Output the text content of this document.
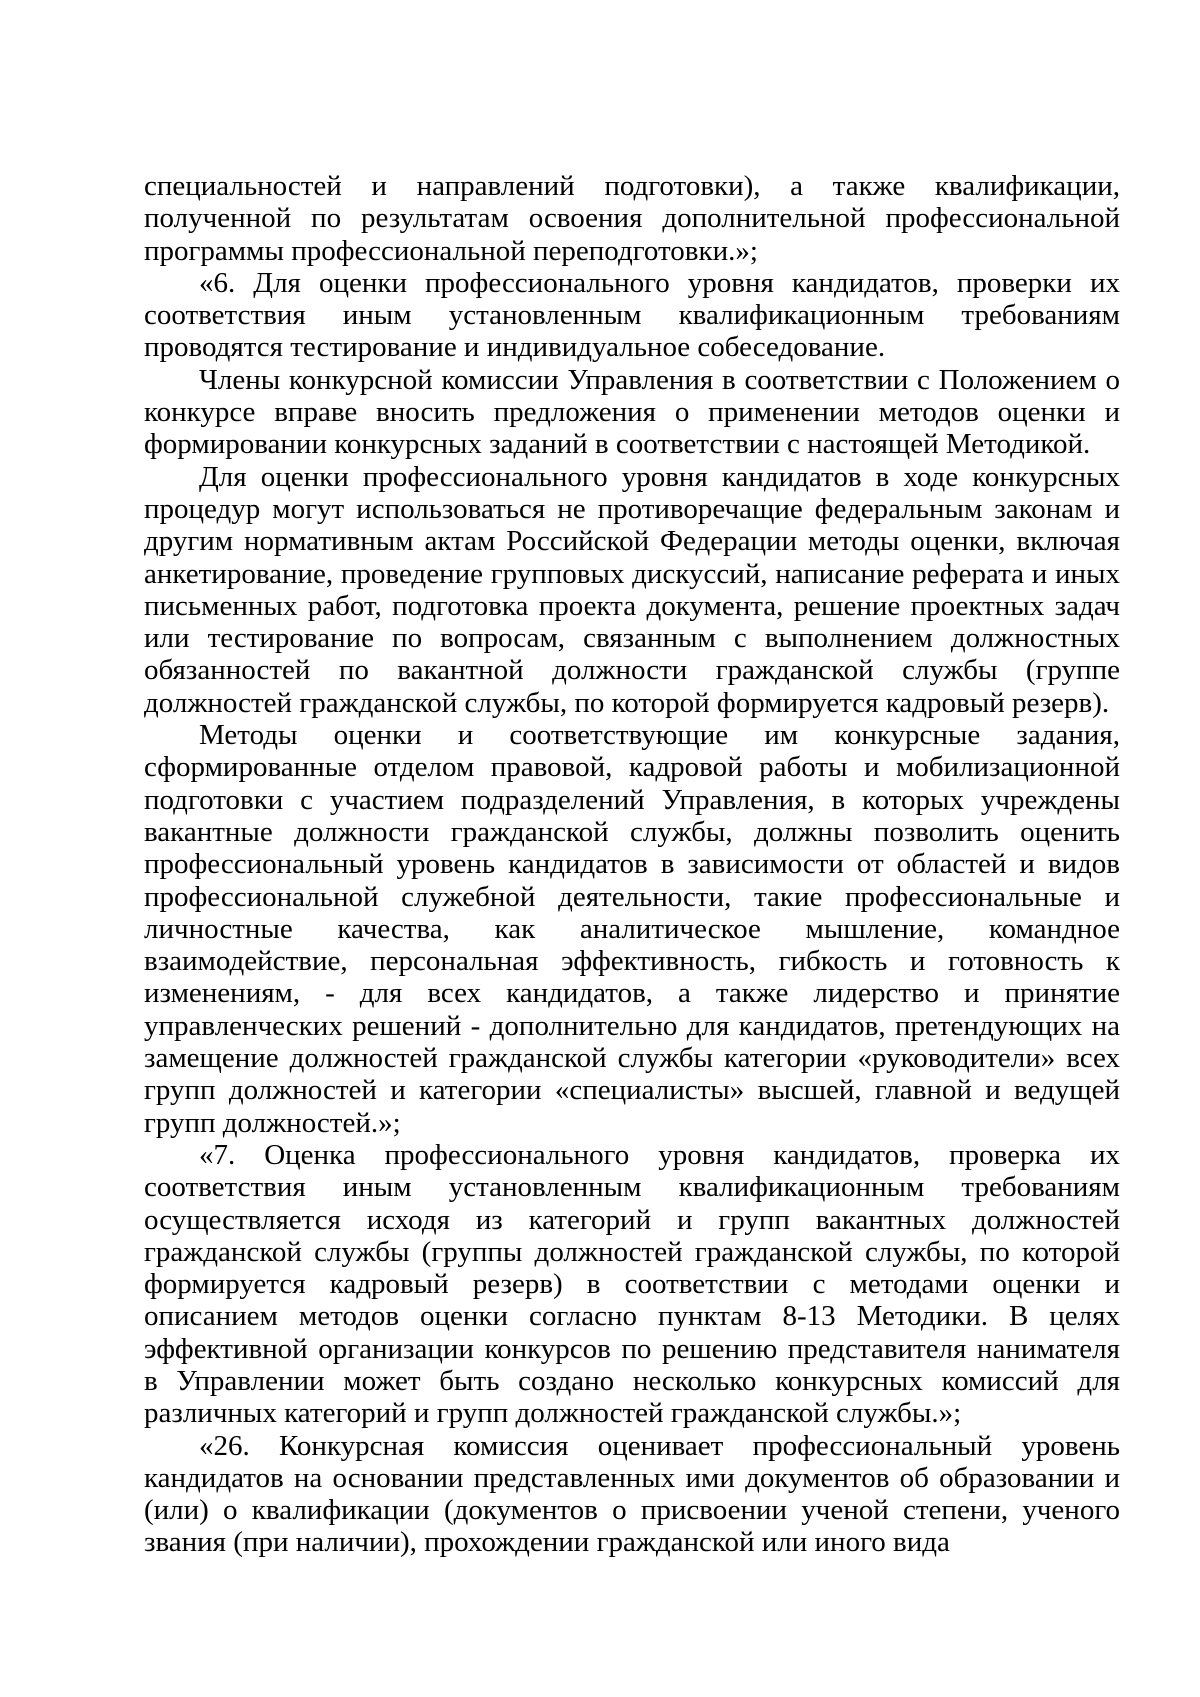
специальностей и направлений подготовки), а также квалификации, полученной по результатам освоения дополнительной профессиональной программы профессиональной переподготовки.»;

«6. Для оценки профессионального уровня кандидатов, проверки их соответствия иным установленным квалификационным требованиям проводятся тестирование и индивидуальное собеседование.

Члены конкурсной комиссии Управления в соответствии с Положением о конкурсе вправе вносить предложения о применении методов оценки и формировании конкурсных заданий в соответствии с настоящей Методикой.

Для оценки профессионального уровня кандидатов в ходе конкурсных процедур могут использоваться не противоречащие федеральным законам и другим нормативным актам Российской Федерации методы оценки, включая анкетирование, проведение групповых дискуссий, написание реферата и иных письменных работ, подготовка проекта документа, решение проектных задач или тестирование по вопросам, связанным с выполнением должностных обязанностей по вакантной должности гражданской службы (группе должностей гражданской службы, по которой формируется кадровый резерв).

Методы оценки и соответствующие им конкурсные задания, сформированные отделом правовой, кадровой работы и мобилизационной подготовки с участием подразделений Управления, в которых учреждены вакантные должности гражданской службы, должны позволить оценить профессиональный уровень кандидатов в зависимости от областей и видов профессиональной служебной деятельности, такие профессиональные и личностные качества, как аналитическое мышление, командное взаимодействие, персональная эффективность, гибкость и готовность к изменениям, - для всех кандидатов, а также лидерство и принятие управленческих решений - дополнительно для кандидатов, претендующих на замещение должностей гражданской службы категории «руководители» всех групп должностей и категории «специалисты» высшей, главной и ведущей групп должностей.»;

«7. Оценка профессионального уровня кандидатов, проверка их соответствия иным установленным квалификационным требованиям осуществляется исходя из категорий и групп вакантных должностей гражданской службы (группы должностей гражданской службы, по которой формируется кадровый резерв) в соответствии с методами оценки и описанием методов оценки согласно пунктам 8-13 Методики. В целях эффективной организации конкурсов по решению представителя нанимателя в Управлении может быть создано несколько конкурсных комиссий для различных категорий и групп должностей гражданской службы.»;

«26. Конкурсная комиссия оценивает профессиональный уровень кандидатов на основании представленных ими документов об образовании и (или) о квалификации (документов о присвоении ученой степени, ученого звания (при наличии), прохождении гражданской или иного вида
